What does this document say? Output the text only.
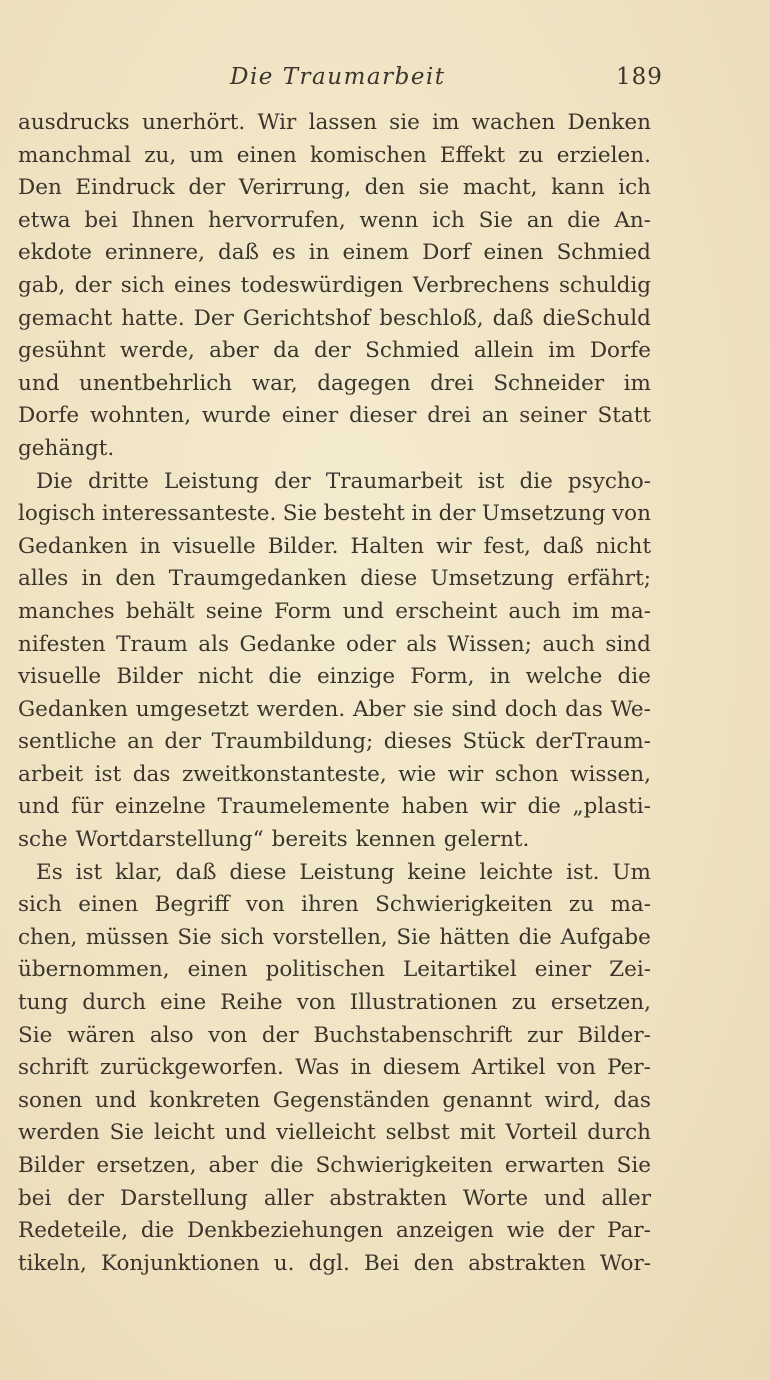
Die Traumarbeit	189
ausdrucks unerhört. Wir lassen sie im wachen Denken
manchmal zu, um einen komischen Effekt zu erzielen.
Den Eindruck der Verirrung, den sie macht, kann ich
etwa bei Ihnen hervorrufen, wenn ich Sie an die An-
ekdote erinnere, daß es in einem Dorf einen Schmied
gab, der sich eines todeswürdigen Verbrechens schuldig
gemacht hatte. Der Gerichtshof beschloß, daß dieSchuld
gesühnt werde, aber da der Schmied allein im Dorfe
und unentbehrlich war, dagegen drei Schneider im
Dorfe wohnten, wurde einer dieser drei an seiner Statt
gehängt.
Die dritte Leistung der Traumarbeit ist die psycho-
logisch interessanteste. Sie besteht in der Umsetzung von
Gedanken in visuelle Bilder. Halten wir fest, daß nicht
alles in den Traumgedanken diese Umsetzung erfährt;
manches behält seine Form und erscheint auch im ma-
nifesten Traum als Gedanke oder als Wissen; auch sind
visuelle Bilder nicht die einzige Form, in welche die
Gedanken umgesetzt werden. Aber sie sind doch das We-
sentliche an der Traumbildung; dieses Stück derTraum-
arbeit ist das zweitkonstanteste, wie wir schon wissen,
und für einzelne Traumelemente haben wir die „plasti-
sche Wortdarstellung“ bereits kennen gelernt.
Es ist klar, daß diese Leistung keine leichte ist. Um
sich einen Begriff von ihren Schwierigkeiten zu ma-
chen, müssen Sie sich vorstellen, Sie hätten die Aufgabe
übernommen, einen politischen Leitartikel einer Zei-
tung durch eine Reihe von Illustrationen zu ersetzen,
Sie wären also von der Buchstabenschrift zur Bilder-
schrift zurückgeworfen. Was in diesem Artikel von Per-
sonen und konkreten Gegenständen genannt wird, das
werden Sie leicht und vielleicht selbst mit Vorteil durch
Bilder ersetzen, aber die Schwierigkeiten erwarten Sie
bei der Darstellung aller abstrakten Worte und aller
Redeteile, die Denkbeziehungen anzeigen wie der Par-
tikeln, Konjunktionen u. dgl. Bei den abstrakten Wor-
